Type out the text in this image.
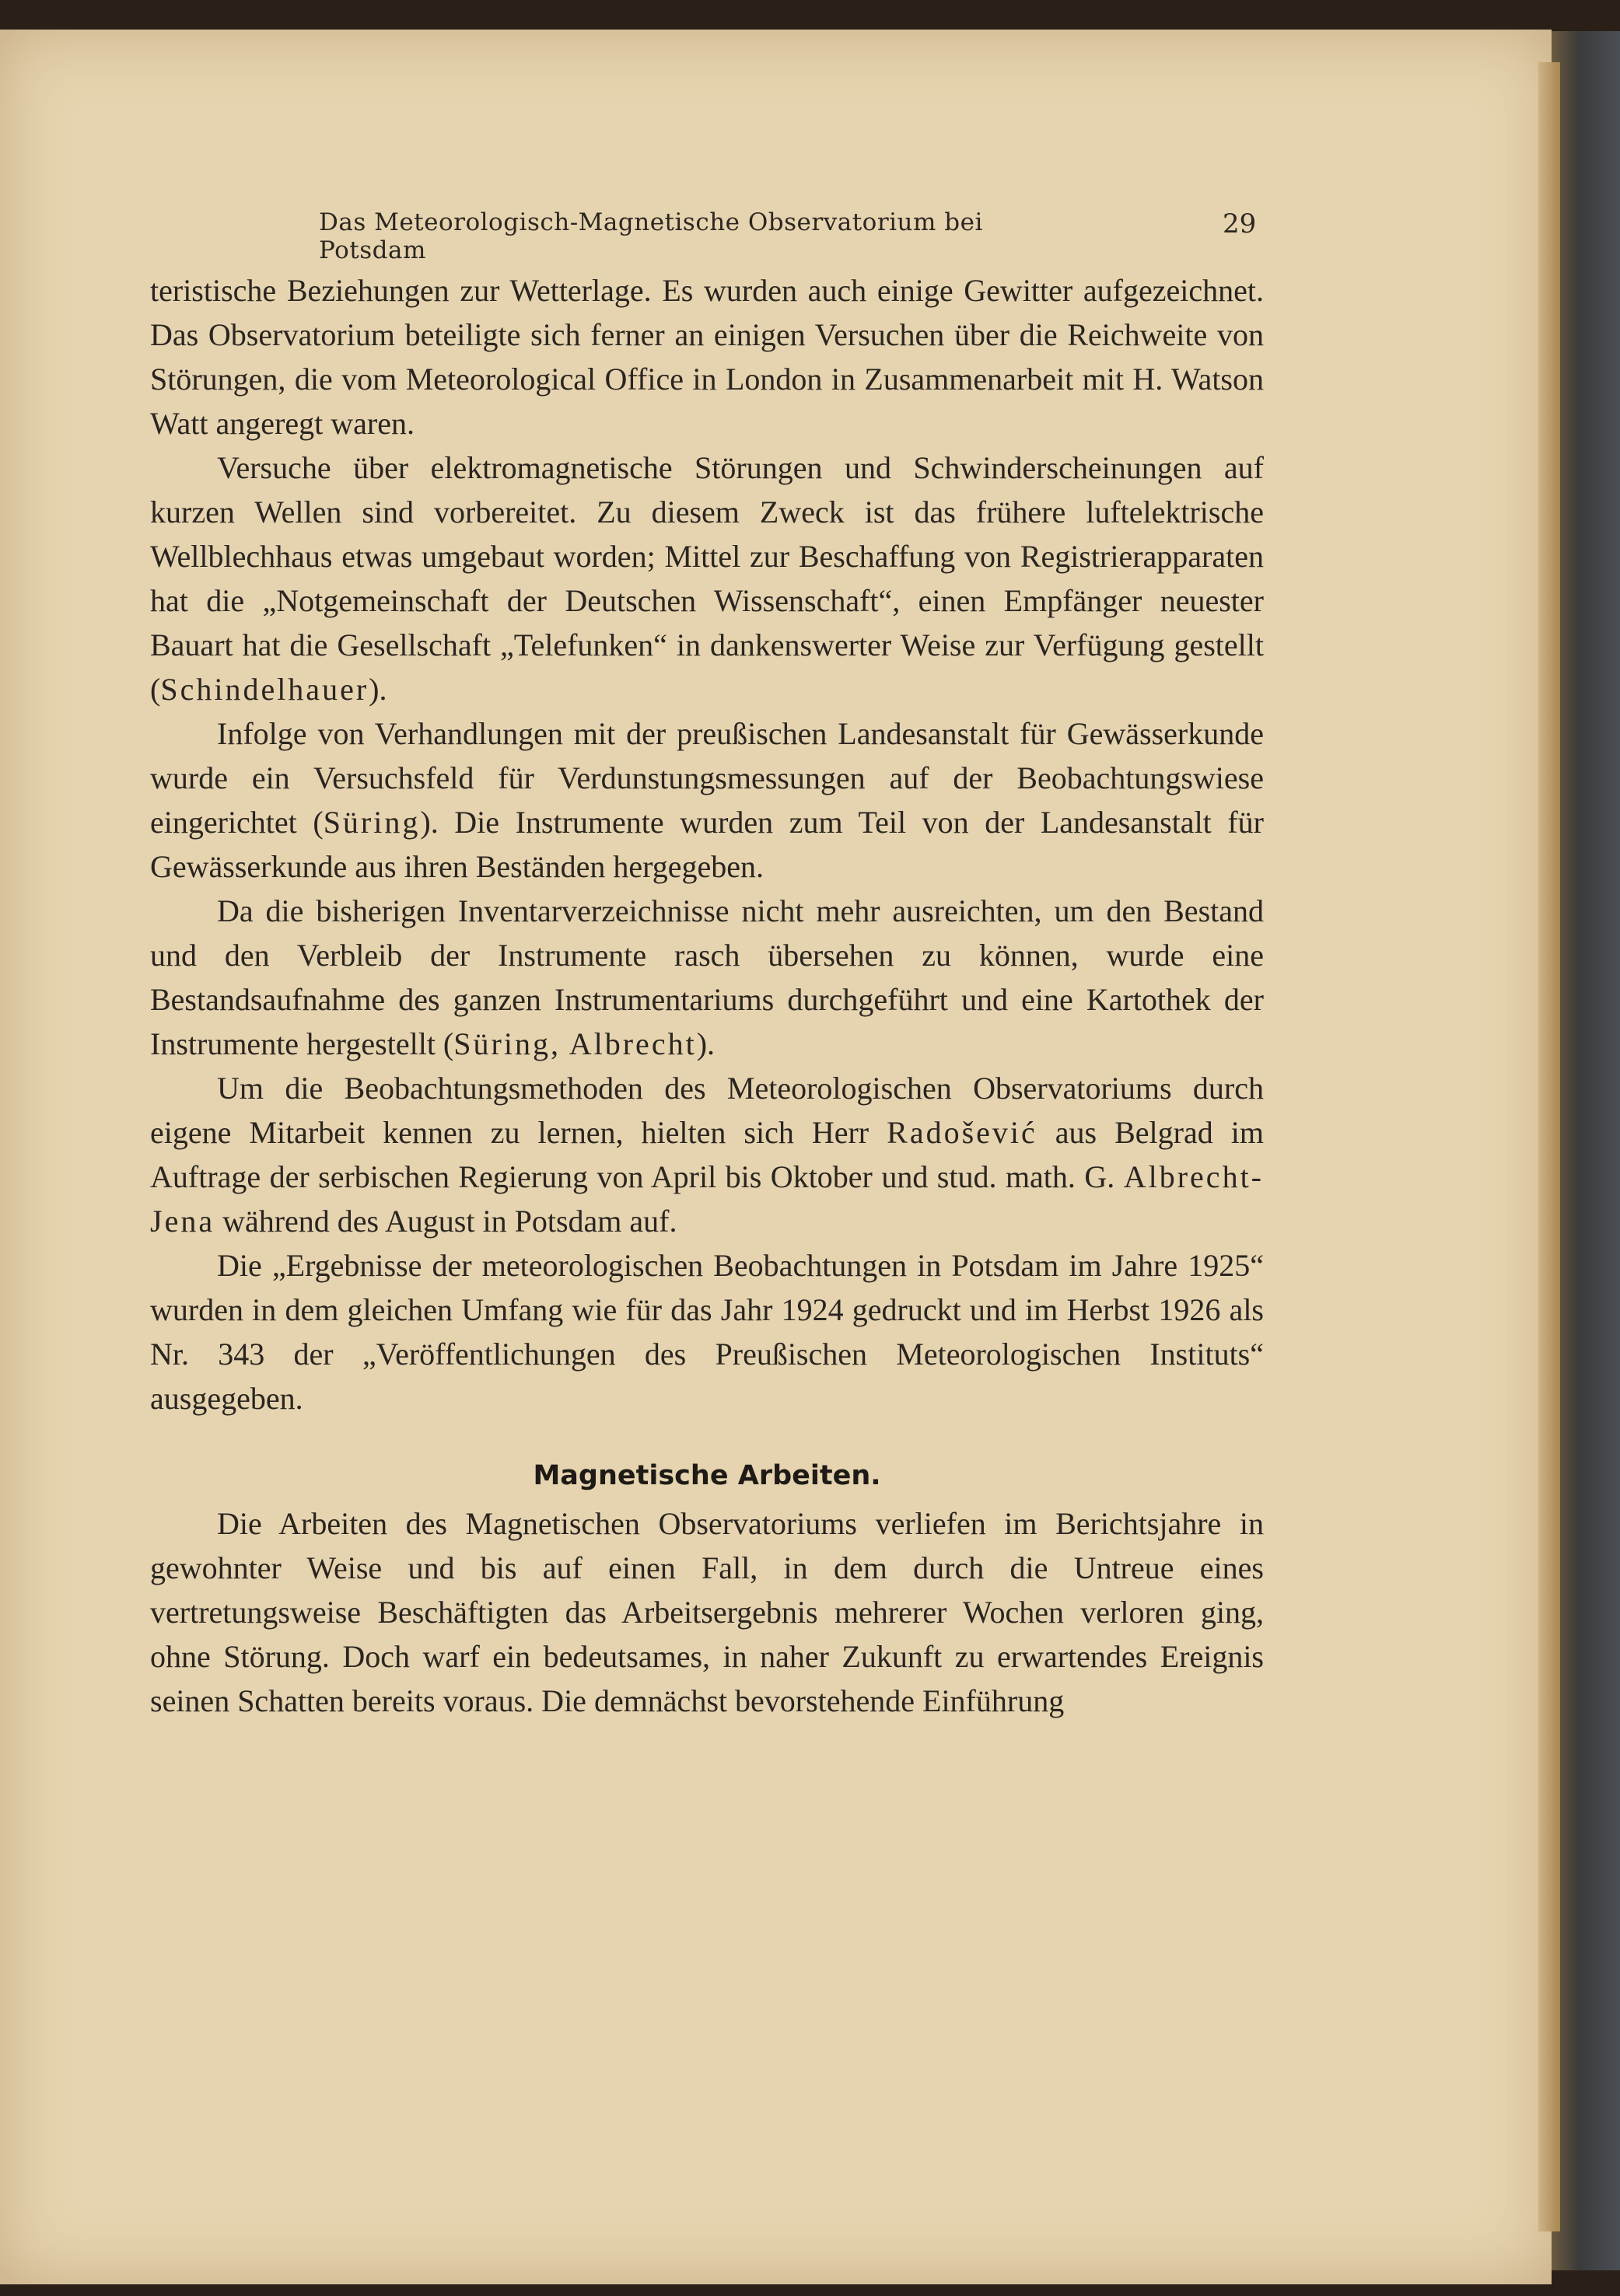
Das Meteorologisch-Magnetische Observatorium bei Potsdam
29

teristische Beziehungen zur Wetterlage. Es wurden auch einige Gewitter aufgezeichnet. Das Observatorium beteiligte sich ferner an einigen Versuchen über die Reichweite von Störungen, die vom Meteorological Office in London in Zusammenarbeit mit H. Watson Watt angeregt waren.

Versuche über elektromagnetische Störungen und Schwinderscheinungen auf kurzen Wellen sind vorbereitet. Zu diesem Zweck ist das frühere luftelektrische Wellblechhaus etwas umgebaut worden; Mittel zur Beschaffung von Registrierapparaten hat die „Notgemeinschaft der Deutschen Wissenschaft“, einen Empfänger neuester Bauart hat die Gesellschaft „Telefunken“ in dankenswerter Weise zur Verfügung gestellt (Schindelhauer).

Infolge von Verhandlungen mit der preußischen Landesanstalt für Gewässerkunde wurde ein Versuchsfeld für Verdunstungsmessungen auf der Beobachtungswiese eingerichtet (Süring). Die Instrumente wurden zum Teil von der Landesanstalt für Gewässerkunde aus ihren Beständen hergegeben.

Da die bisherigen Inventarverzeichnisse nicht mehr ausreichten, um den Bestand und den Verbleib der Instrumente rasch übersehen zu können, wurde eine Bestandsaufnahme des ganzen Instrumentariums durchgeführt und eine Kartothek der Instrumente hergestellt (Süring, Albrecht).

Um die Beobachtungsmethoden des Meteorologischen Observatoriums durch eigene Mitarbeit kennen zu lernen, hielten sich Herr Radošević aus Belgrad im Auftrage der serbischen Regierung von April bis Oktober und stud. math. G. Albrecht-Jena während des August in Potsdam auf.

Die „Ergebnisse der meteorologischen Beobachtungen in Potsdam im Jahre 1925“ wurden in dem gleichen Umfang wie für das Jahr 1924 gedruckt und im Herbst 1926 als Nr. 343 der „Veröffentlichungen des Preußischen Meteorologischen Instituts“ ausgegeben.

Magnetische Arbeiten.

Die Arbeiten des Magnetischen Observatoriums verliefen im Berichtsjahre in gewohnter Weise und bis auf einen Fall, in dem durch die Untreue eines vertretungsweise Beschäftigten das Arbeitsergebnis mehrerer Wochen verloren ging, ohne Störung. Doch warf ein bedeutsames, in naher Zukunft zu erwartendes Ereignis seinen Schatten bereits voraus. Die demnächst bevorstehende Einführung
